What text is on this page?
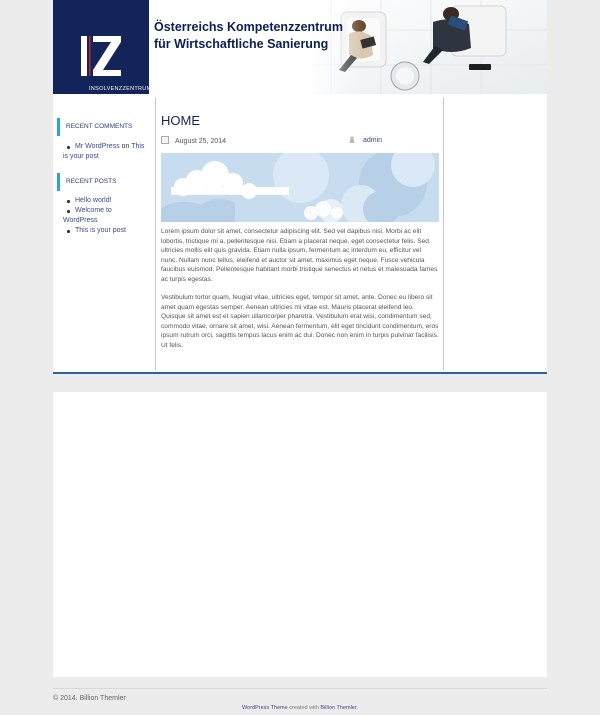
INSOLVENZZENTRUM
Österreichs Kompetenzzentrum
für Wirtschaftliche Sanierung
RECENT COMMENTS
Mr WordPress on This
is your post
RECENT POSTS
Hello world!
Welcome to
WordPress
This is your post
HOME
August 25, 2014	admin

Lorem ipsum dolor sit amet, consectetur adipiscing elit. Sed vel dapibus nisi. Morbi ac elit lobortis, tristique mi a, pellentesque nisi. Etiam a placerat neque, eget consectetur felis. Sed ultricies mollis elit quis gravida. Etiam nulla ipsum, fermentum ac interdum eu, efficitur vel nunc. Nullam nunc tellus, eleifend et auctor sit amet, maximus eget neque. Fusce vehicula faucibus euismod. Pellentesque habitant morbi tristique senectus et netus et malesuada fames ac turpis egestas.

Vestibulum tortor quam, feugiat vitae, ultricies eget, tempor sit amet, ante. Donec eu libero sit amet quam egestas semper. Aenean ultricies mi vitae est. Mauris placerat eleifend leo. Quisque sit amet est et sapien ullamcorper pharetra. Vestibulum erat wisi, condimentum sed, commodo vitae, ornare sit amet, wisi. Aenean fermentum, elit eget tincidunt condimentum, eros ipsum rutrum orci, sagittis tempus lacus enim ac dui. Donec non enim in turpis pulvinar facilisis. Ut felis.

© 2014. Billion Themler
WordPress Theme created with Billion Themler.
